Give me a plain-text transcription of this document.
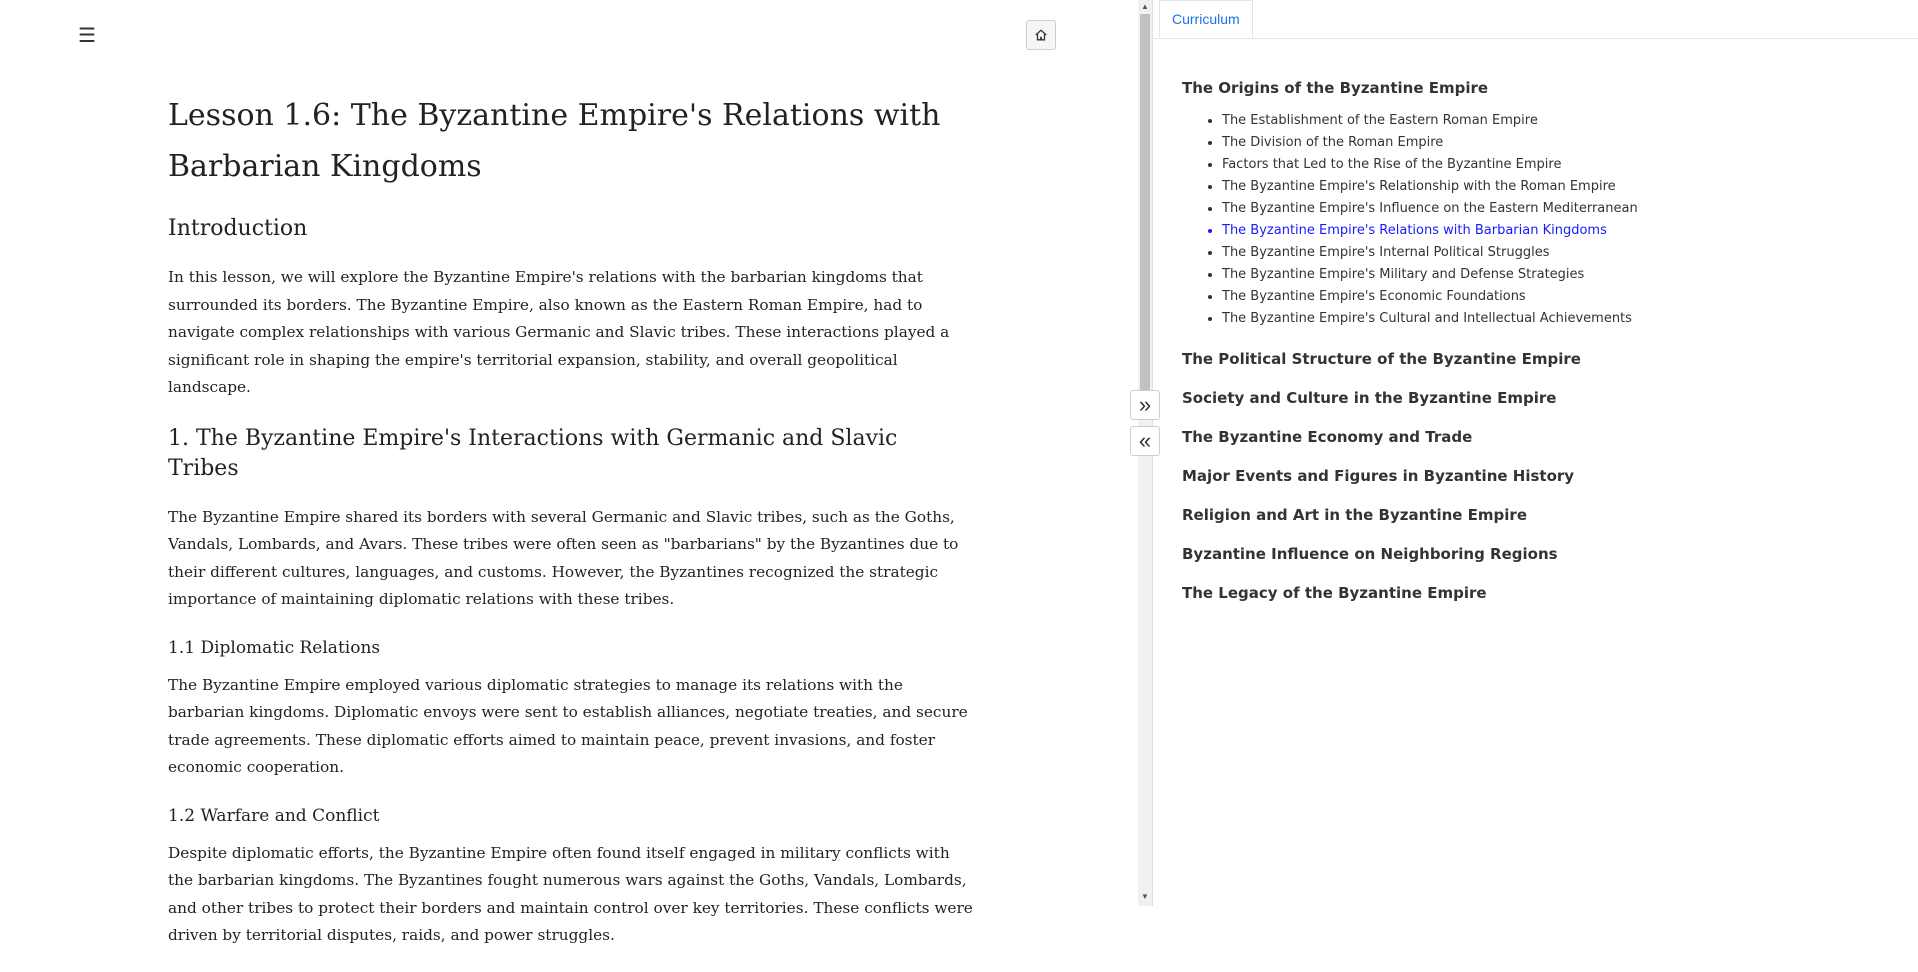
☰
Lesson 1.6: The Byzantine Empire's Relations with Barbarian Kingdoms
Introduction

In this lesson, we will explore the Byzantine Empire's relations with the barbarian kingdoms that surrounded its borders. The Byzantine Empire, also known as the Eastern Roman Empire, had to navigate complex relationships with various Germanic and Slavic tribes. These interactions played a significant role in shaping the empire's territorial expansion, stability, and overall geopolitical landscape.

1. The Byzantine Empire's Interactions with Germanic and Slavic Tribes

The Byzantine Empire shared its borders with several Germanic and Slavic tribes, such as the Goths, Vandals, Lombards, and Avars. These tribes were often seen as "barbarians" by the Byzantines due to their different cultures, languages, and customs. However, the Byzantines recognized the strategic importance of maintaining diplomatic relations with these tribes.

1.1 Diplomatic Relations

The Byzantine Empire employed various diplomatic strategies to manage its relations with the barbarian kingdoms. Diplomatic envoys were sent to establish alliances, negotiate treaties, and secure trade agreements. These diplomatic efforts aimed to maintain peace, prevent invasions, and foster economic cooperation.

1.2 Warfare and Conflict

Despite diplomatic efforts, the Byzantine Empire often found itself engaged in military conflicts with the barbarian kingdoms. The Byzantines fought numerous wars against the Goths, Vandals, Lombards, and other tribes to protect their borders and maintain control over key territories. These conflicts were driven by territorial disputes, raids, and power struggles.

▲
▼
»
«
Curriculum
The Origins of the Byzantine Empire
• The Establishment of the Eastern Roman Empire
• The Division of the Roman Empire
• Factors that Led to the Rise of the Byzantine Empire
• The Byzantine Empire's Relationship with the Roman Empire
• The Byzantine Empire's Influence on the Eastern Mediterranean
• The Byzantine Empire's Relations with Barbarian Kingdoms
• The Byzantine Empire's Internal Political Struggles
• The Byzantine Empire's Military and Defense Strategies
• The Byzantine Empire's Economic Foundations
• The Byzantine Empire's Cultural and Intellectual Achievements
The Political Structure of the Byzantine Empire
Society and Culture in the Byzantine Empire
The Byzantine Economy and Trade
Major Events and Figures in Byzantine History
Religion and Art in the Byzantine Empire
Byzantine Influence on Neighboring Regions
The Legacy of the Byzantine Empire
